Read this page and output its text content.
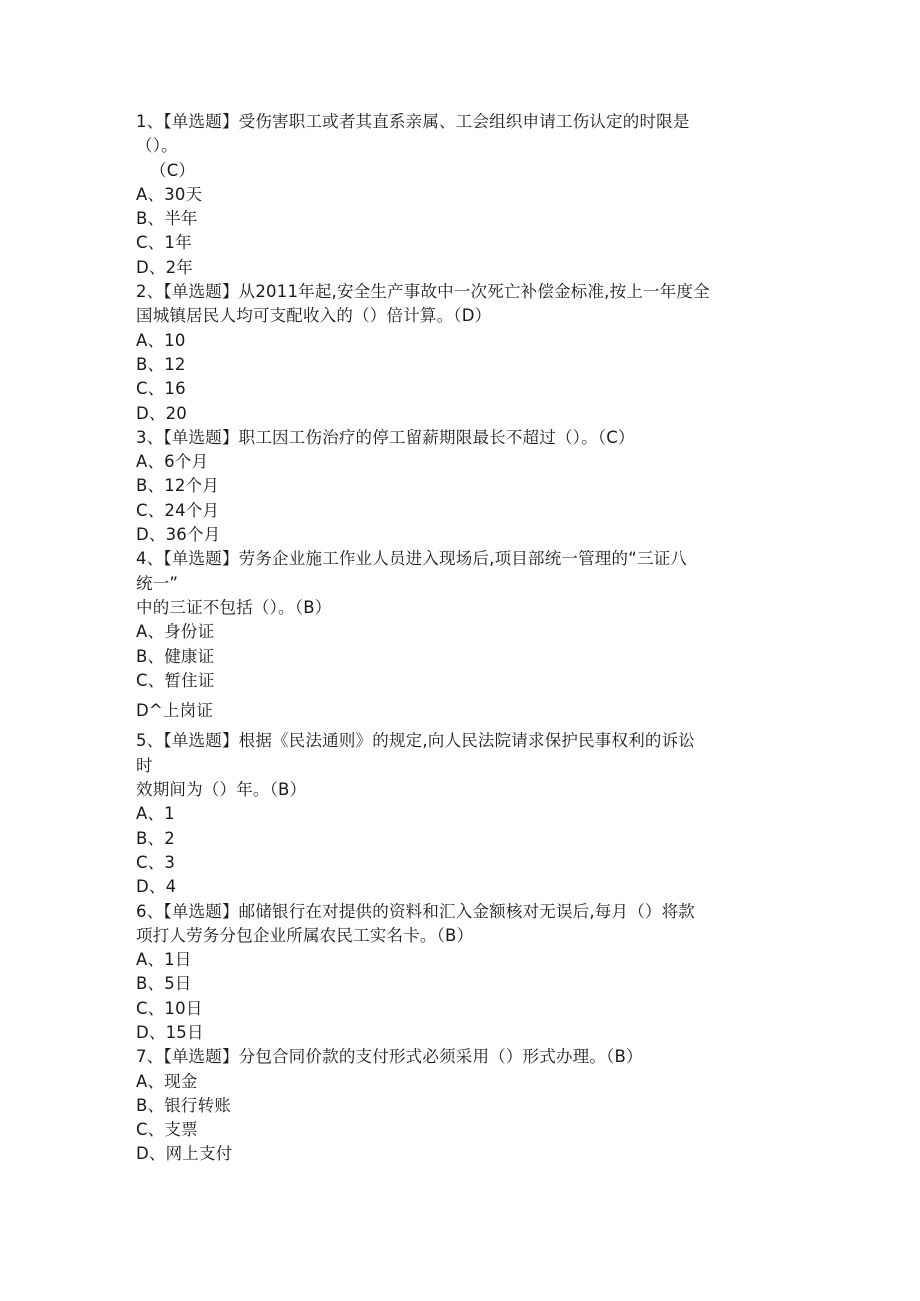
1、【单选题】受伤害职工或者其直系亲属、工会组织申请工伤认定的时限是
（）。
（C）
A、30天
B、半年
C、1年
D、2年
2、【单选题】从2011年起,安全生产事故中一次死亡补偿金标准,按上一年度全
国城镇居民人均可支配收入的（）倍计算。（D）
A、10
B、12
C、16
D、20
3、【单选题】职工因工伤治疗的停工留薪期限最长不超过（）。（C）
A、6个月
B、12个月
C、24个月
D、36个月
4、【单选题】劳务企业施工作业人员进入现场后,项目部统一管理的“三证八
统一”
中的三证不包括（）。（B）
A、身份证
B、健康证
C、暂住证
D^上岗证
5、【单选题】根据《民法通则》的规定,向人民法院请求保护民事权利的诉讼
时
效期间为（）年。（B）
A、1
B、2
C、3
D、4
6、【单选题】邮储银行在对提供的资料和汇入金额核对无误后,每月（）将款
项打人劳务分包企业所属农民工实名卡。（B）
A、1日
B、5日
C、10日
D、15日
7、【单选题】分包合同价款的支付形式必须采用（）形式办理。（B）
A、现金
B、银行转账
C、支票
D、网上支付
